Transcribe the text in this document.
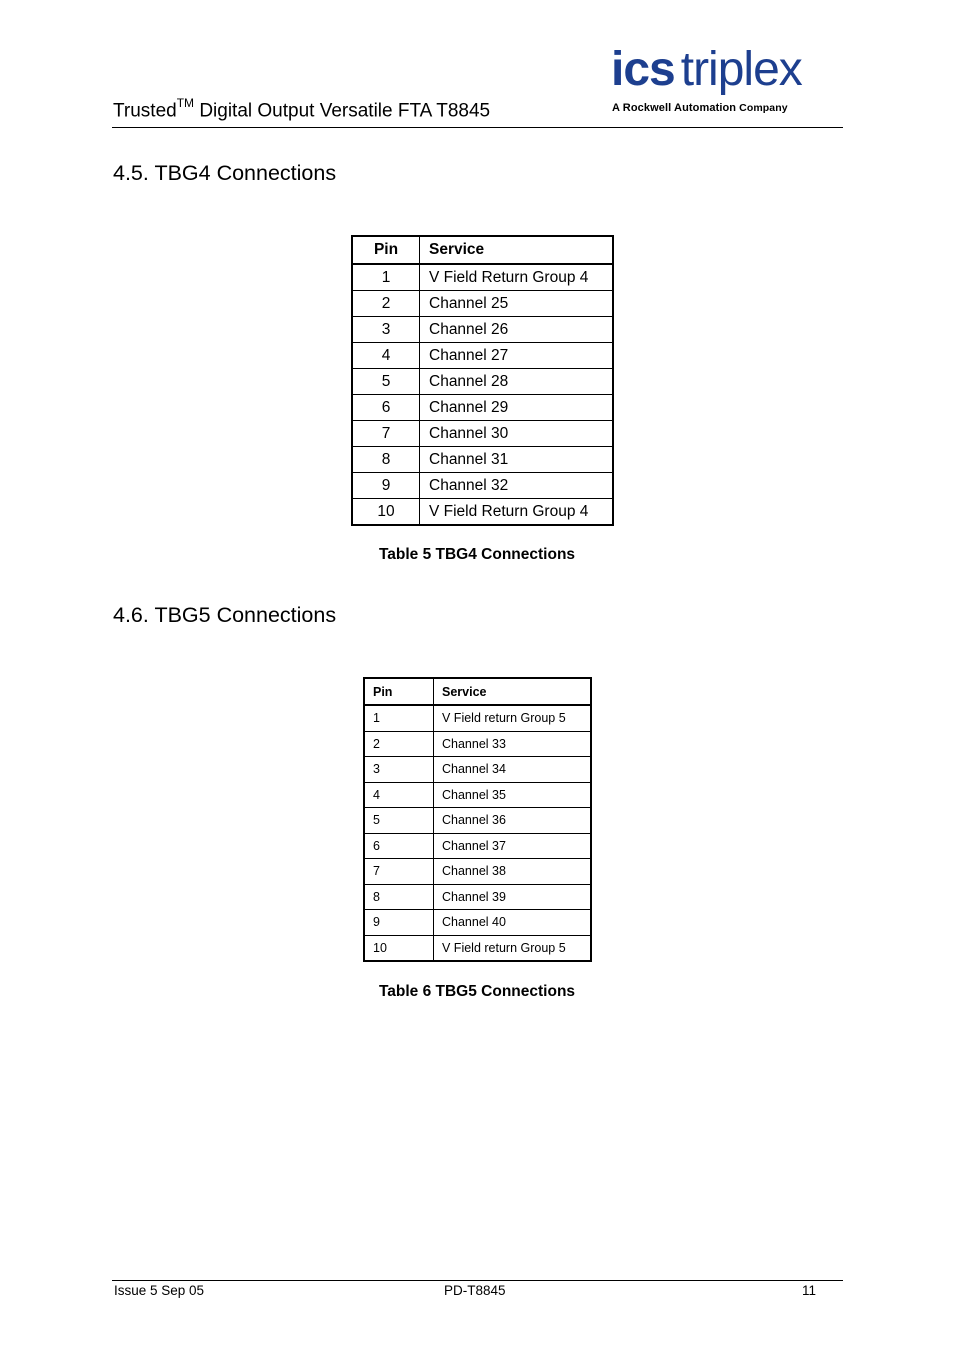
ics triplex
A Rockwell Automation Company
Trusted™ Digital Output Versatile FTA T8845
4.5. TBG4 Connections
Pin	Service
1	V Field Return Group 4
2	Channel 25
3	Channel 26
4	Channel 27
5	Channel 28
6	Channel 29
7	Channel 30
8	Channel 31
9	Channel 32
10	V Field Return Group 4
Table 5 TBG4 Connections
4.6. TBG5 Connections
Pin	Service
1	V Field return Group 5
2	Channel 33
3	Channel 34
4	Channel 35
5	Channel 36
6	Channel 37
7	Channel 38
8	Channel 39
9	Channel 40
10	V Field return Group 5
Table 6 TBG5 Connections
Issue 5 Sep 05	PD-T8845	11
